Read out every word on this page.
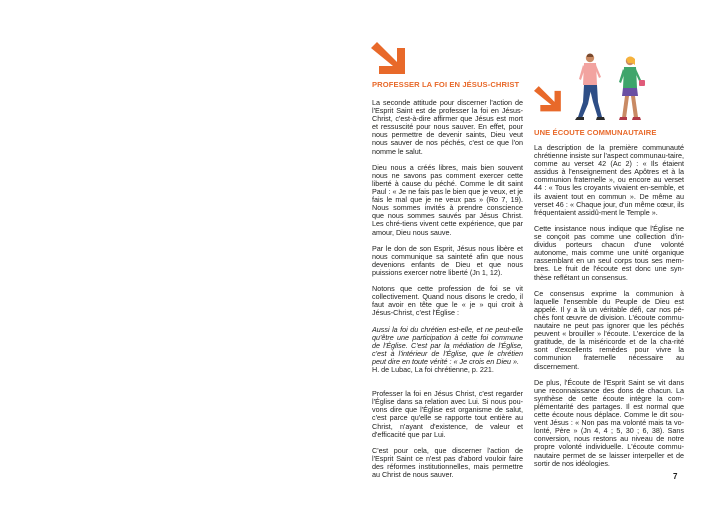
PROFESSER LA FOI EN JÉSUS-CHRIST

La seconde attitude pour discerner l'action de l'Esprit Saint est de professer la foi en Jésus-Christ, c'est-à-dire affirmer que Jésus est mort et ressuscité pour nous sauver. En effet, pour nous permettre de devenir saints, Dieu veut nous sauver de nos péchés, c'est ce que l'on nomme le salut.

Dieu nous a créés libres, mais bien souvent nous ne savons pas comment exercer cette liberté à cause du péché. Comme le dit saint Paul : « Je ne fais pas le bien que je veux, et je fais le mal que je ne veux pas » (Ro 7, 19). Nous sommes invités à prendre conscience que nous sommes sauvés par Jésus Christ. Les chré-tiens vivent cette expérience, que par amour, Dieu nous sauve.

Par le don de son Esprit, Jésus nous libère et nous communique sa sainteté afin que nous devenions enfants de Dieu et que nous puissions exercer notre liberté (Jn 1, 12).

Notons que cette profession de foi se vit collectivement. Quand nous disons le credo, il faut avoir en tête que le « je » qui croit à Jésus-Christ, c'est l'Église :

Aussi la foi du chrétien est-elle, et ne peut-elle qu'être une participation à cette foi commune de l'Église. C'est par la médiation de l'Église, c'est à l'intérieur de l'Église, que le chrétien peut dire en toute vérité : « Je crois en Dieu ».

H. de Lubac, La foi chrétienne, p. 221.

Professer la foi en Jésus Christ, c'est regarder l'Église dans sa relation avec Lui. Si nous pou-vons dire que l'Église est organisme de salut, c'est parce qu'elle se rapporte tout entière au Christ, n'ayant d'existence, de valeur et d'efficacité que par Lui.

C'est pour cela, que discerner l'action de l'Esprit Saint ce n'est pas d'abord vouloir faire des réformes institutionnelles, mais permettre au Christ de nous sauver.

UNE ÉCOUTE COMMUNAUTAIRE

La description de la première communauté chrétienne insiste sur l'aspect communau-taire, comme au verset 42 (Ac 2) : « Ils étaient assidus à l'enseignement des Apôtres et à la communion fraternelle », ou encore au verset 44 : « Tous les croyants vivaient en-semble, et ils avaient tout en commun ». De même au verset 46 : « Chaque jour, d'un même cœur, ils fréquentaient assidû-ment le Temple ».

Cette insistance nous indique que l'Église ne se conçoit pas comme une collection d'in-dividus porteurs chacun d'une volonté autonome, mais comme une unité organique rassemblant en un seul corps tous ses mem-bres. Le fruit de l'écoute est donc une syn-thèse reflétant un consensus.

Ce consensus exprime la communion à laquelle l'ensemble du Peuple de Dieu est appelé. Il y a là un véritable défi, car nos pé-chés font œuvre de division. L'écoute commu-nautaire ne peut pas ignorer que les péchés peuvent « brouiller » l'écoute. L'exercice de la gratitude, de la miséricorde et de la cha-rité sont d'excellents remèdes pour vivre la communion fraternelle nécessaire au discernement.

De plus, l'Écoute de l'Esprit Saint se vit dans une reconnaissance des dons de chacun. La synthèse de cette écoute intègre la com-plémentarité des partages. Il est normal que cette écoute nous déplace. Comme le dit sou-vent Jésus : « Non pas ma volonté mais ta vo-lonté, Père » (Jn 4, 4 ; 5, 30 ; 6, 38). Sans conversion, nous restons au niveau de notre propre volonté individuelle. L'écoute commu-nautaire permet de se laisser interpeller et de sortir de nos idéologies.

7
